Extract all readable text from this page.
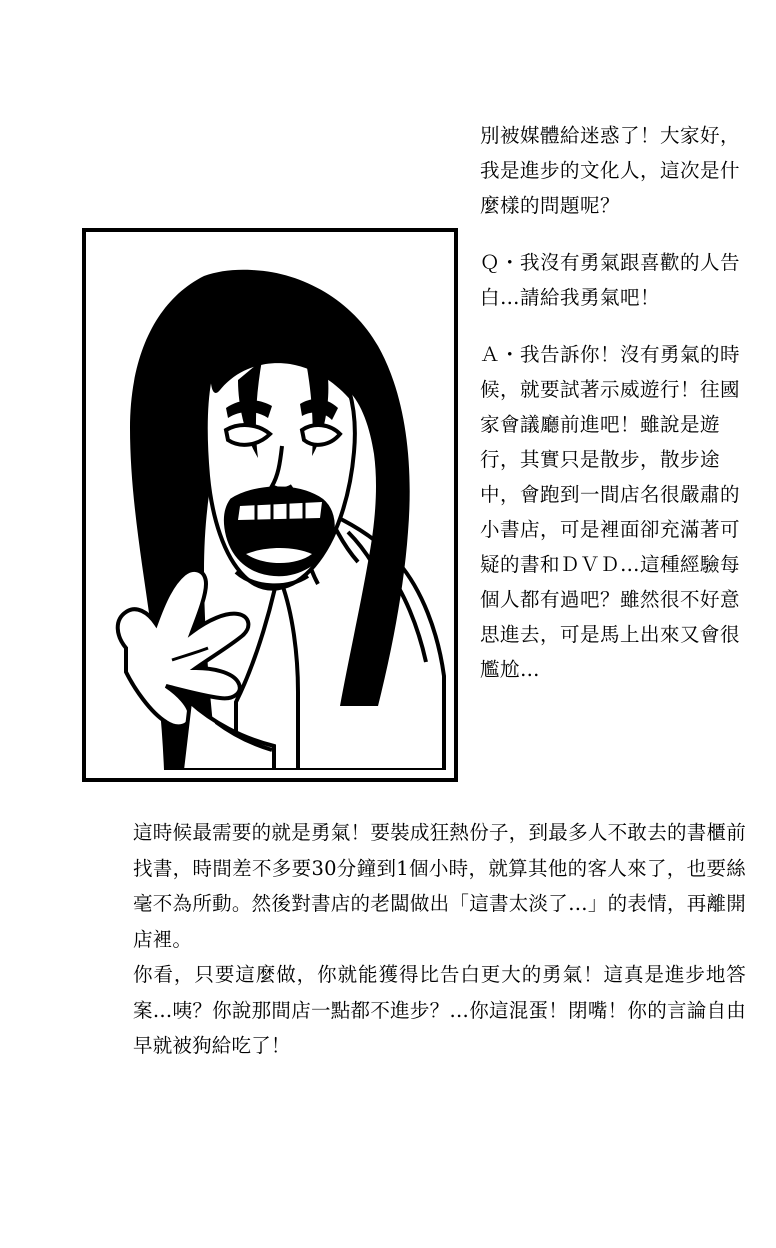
別被媒體給迷惑了！大家好，我是進步的文化人，這次是什麼樣的問題呢？

Ｑ・我沒有勇氣跟喜歡的人告白…請給我勇氣吧！

Ａ・我告訴你！沒有勇氣的時候，就要試著示威遊行！往國家會議廳前進吧！雖說是遊行，其實只是散步，散步途中，會跑到一間店名很嚴肅的小書店，可是裡面卻充滿著可疑的書和ＤＶＤ…這種經驗每個人都有過吧？雖然很不好意思進去，可是馬上出來又會很尷尬…

這時候最需要的就是勇氣！要裝成狂熱份子，到最多人不敢去的書櫃前找書，時間差不多要30分鐘到1個小時，就算其他的客人來了，也要絲毫不為所動。然後對書店的老闆做出「這書太淡了…」的表情，再離開店裡。

你看，只要這麼做，你就能獲得比告白更大的勇氣！這真是進步地答案…咦？你說那間店一點都不進步？…你這混蛋！閉嘴！你的言論自由早就被狗給吃了！
